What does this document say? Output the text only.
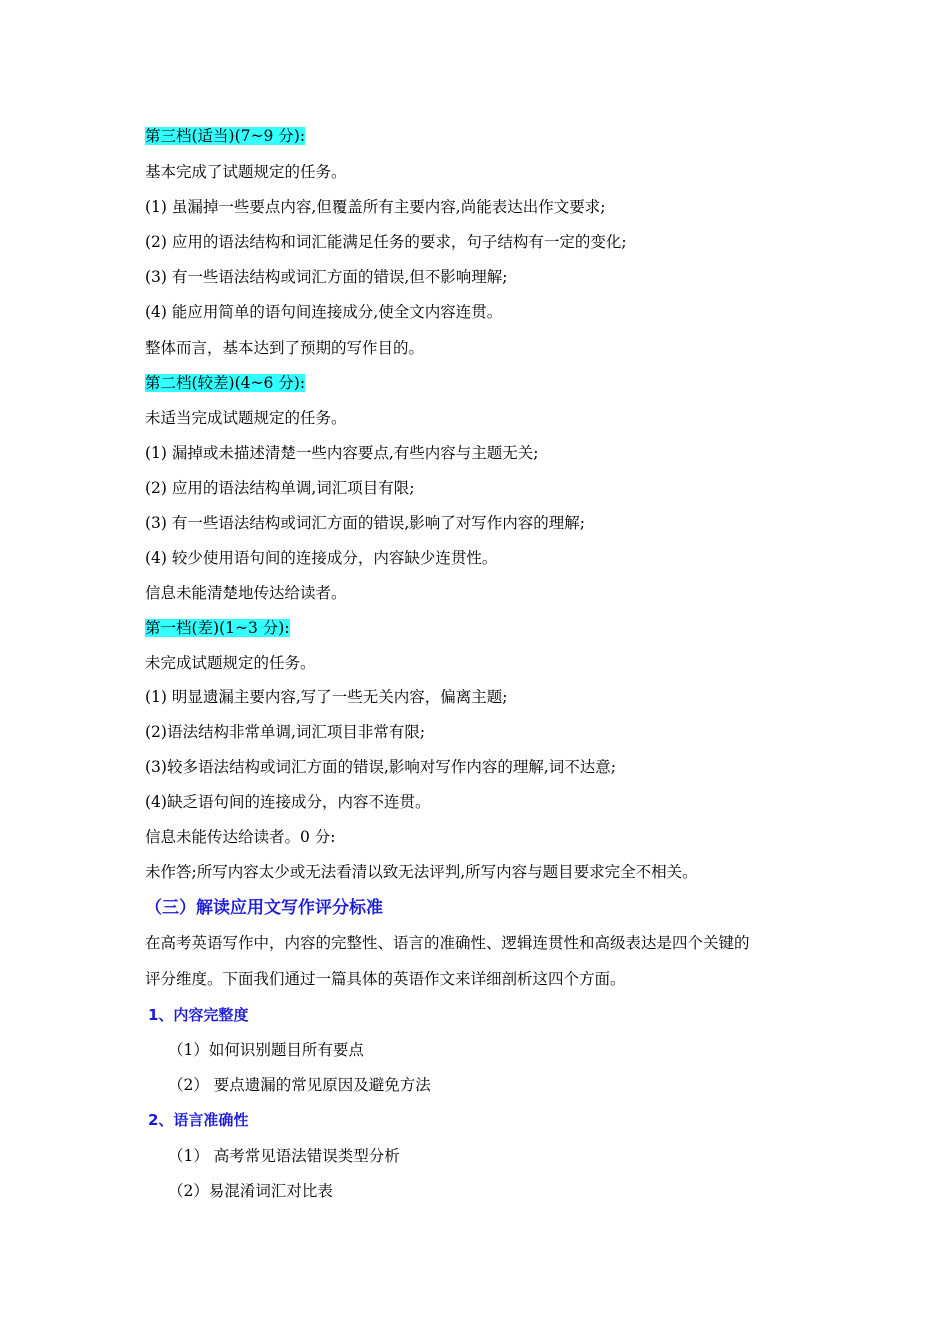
第三档(适当)(7~9 分):
基本完成了试题规定的任务。
(1) 虽漏掉一些要点内容,但覆盖所有主要内容,尚能表达出作文要求;
(2) 应用的语法结构和词汇能满足任务的要求，句子结构有一定的变化;
(3) 有一些语法结构或词汇方面的错误,但不影响理解;
(4) 能应用简单的语句间连接成分,使全文内容连贯。
整体而言，基本达到了预期的写作目的。
第二档(较差)(4~6 分):
未适当完成试题规定的任务。
(1) 漏掉或未描述清楚一些内容要点,有些内容与主题无关;
(2) 应用的语法结构单调,词汇项目有限;
(3) 有一些语法结构或词汇方面的错误,影响了对写作内容的理解;
(4) 较少使用语句间的连接成分，内容缺少连贯性。
信息未能清楚地传达给读者。
第一档(差)(1~3 分):
未完成试题规定的任务。
(1) 明显遗漏主要内容,写了一些无关内容，偏离主题;
(2)语法结构非常单调,词汇项目非常有限;
(3)较多语法结构或词汇方面的错误,影响对写作内容的理解,词不达意;
(4)缺乏语句间的连接成分，内容不连贯。
信息未能传达给读者。0 分:
未作答;所写内容太少或无法看清以致无法评判,所写内容与题目要求完全不相关。
（三）解读应用文写作评分标准
在高考英语写作中，内容的完整性、语言的准确性、逻辑连贯性和高级表达是四个关键的
评分维度。下面我们通过一篇具体的英语作文来详细剖析这四个方面。
1、内容完整度
（1）如何识别题目所有要点
（2） 要点遗漏的常见原因及避免方法
2、语言准确性
（1） 高考常见语法错误类型分析
（2）易混淆词汇对比表
